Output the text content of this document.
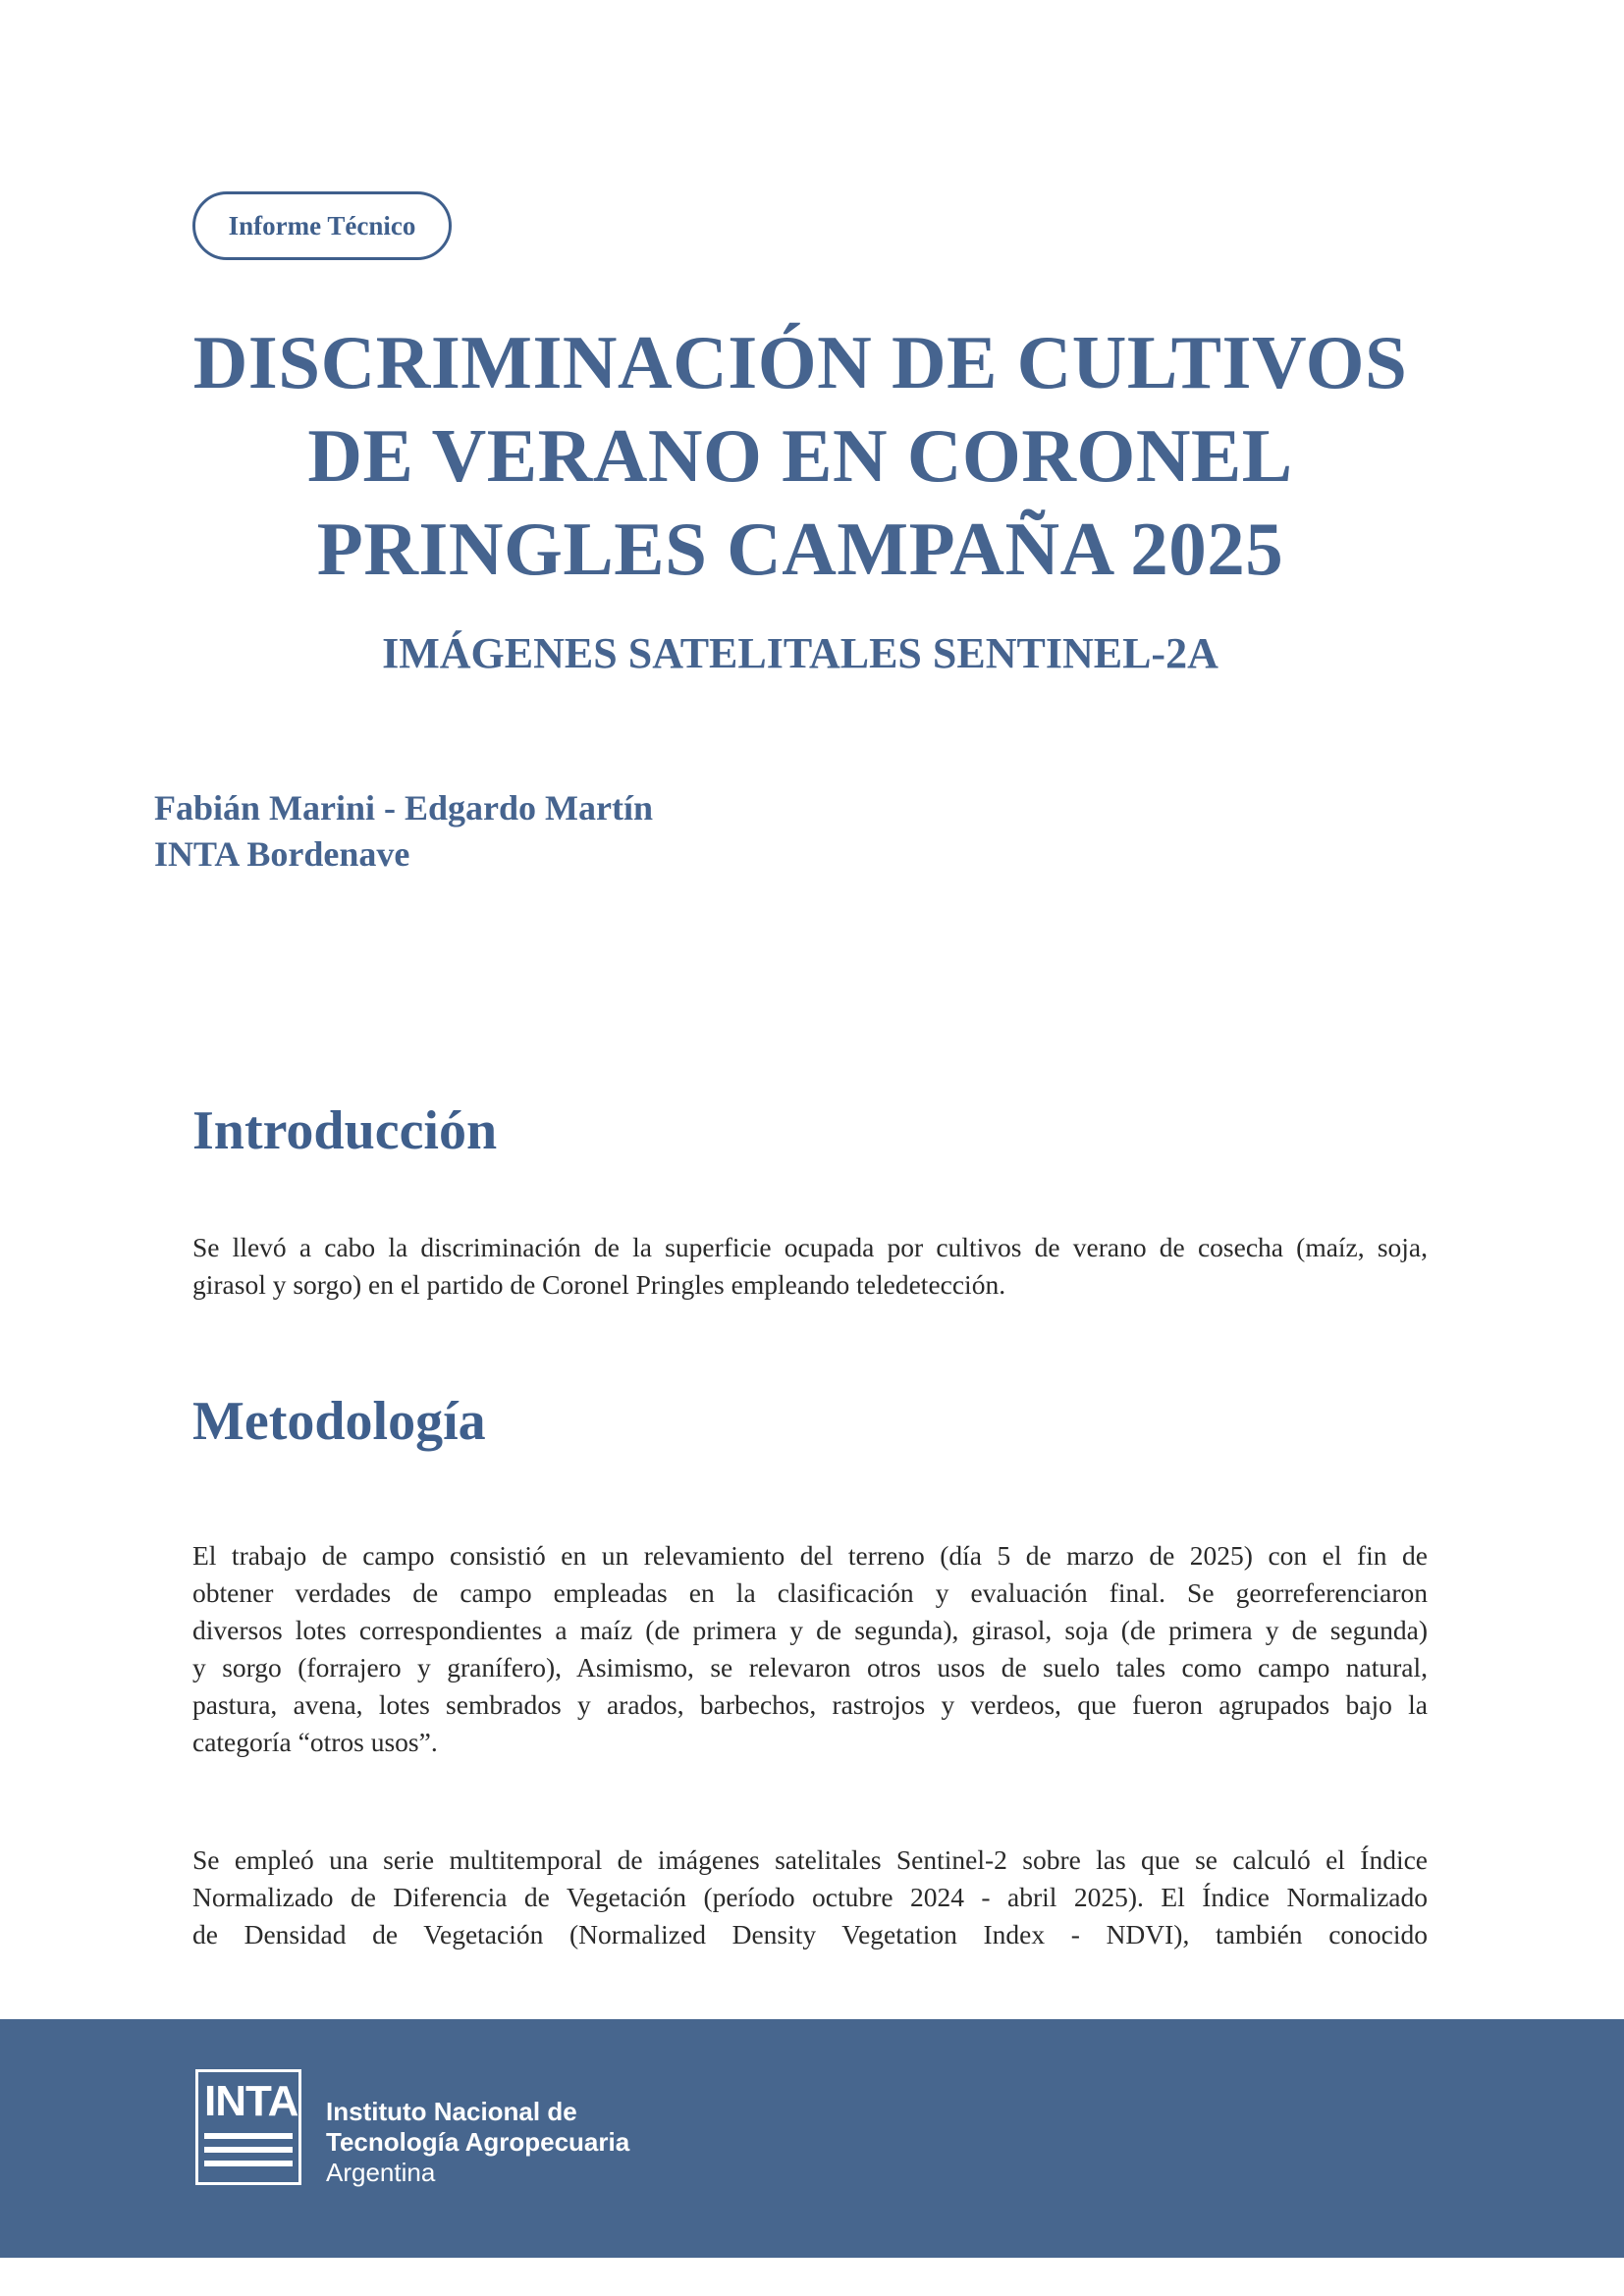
Informe Técnico
DISCRIMINACIÓN DE CULTIVOS
DE VERANO EN CORONEL
PRINGLES CAMPAÑA 2025
IMÁGENES SATELITALES SENTINEL-2A
Fabián Marini - Edgardo Martín
INTA Bordenave
Introducción
Se llevó a cabo la discriminación de la superficie ocupada por cultivos de verano de cosecha (maíz, soja,
girasol y sorgo) en el partido de Coronel Pringles empleando teledetección.
Metodología
El trabajo de campo consistió en un relevamiento del terreno (día 5 de marzo de 2025) con el fin de
obtener verdades de campo empleadas en la clasificación y evaluación final. Se georreferenciaron
diversos lotes correspondientes a maíz (de primera y de segunda), girasol, soja (de primera y de segunda)
y sorgo (forrajero y granífero), Asimismo, se relevaron otros usos de suelo tales como campo natural,
pastura, avena, lotes sembrados y arados, barbechos, rastrojos y verdeos, que fueron agrupados bajo la
categoría “otros usos”.
Se empleó una serie multitemporal de imágenes satelitales Sentinel-2 sobre las que se calculó el Índice
Normalizado de Diferencia de Vegetación (período octubre 2024 - abril 2025). El Índice Normalizado
de Densidad de Vegetación (Normalized Density Vegetation Index - NDVI), también conocido
INTA Instituto Nacional de
Tecnología Agropecuaria
Argentina
